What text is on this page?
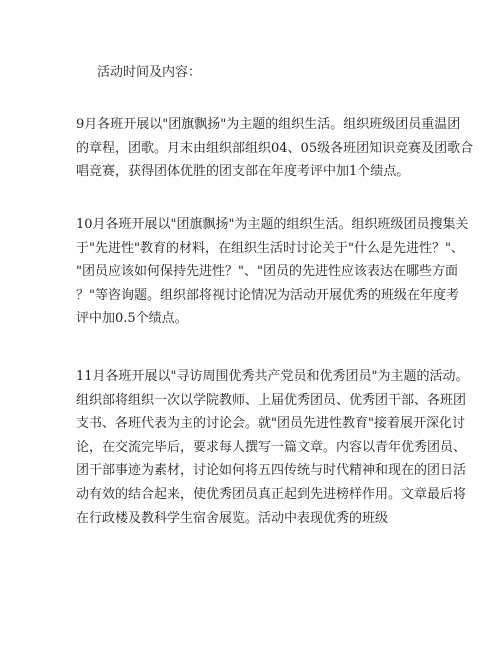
活动时间及内容：

9月各班开展以"团旗飘扬"为主题的组织生活。组织班级团员重温团
的章程，团歌。月末由组织部组织04、05级各班团知识竞赛及团歌合
唱竞赛，获得团体优胜的团支部在年度考评中加1个绩点。

10月各班开展以"团旗飘扬"为主题的组织生活。组织班级团员搜集关
于"先进性"教育的材料，在组织生活时讨论关于"什么是先进性？"、
"团员应该如何保持先进性？"、"团员的先进性应该表达在哪些方面
？"等咨询题。组织部将视讨论情况为活动开展优秀的班级在年度考
评中加0.5个绩点。

11月各班开展以"寻访周围优秀共产党员和优秀团员"为主题的活动。
组织部将组织一次以学院教师、上届优秀团员、优秀团干部、各班团
支书、各班代表为主的讨论会。就"团员先进性教育"接着展开深化讨
论，在交流完毕后，要求每人撰写一篇文章。内容以青年优秀团员、
团干部事迹为素材，讨论如何将五四传统与时代精神和现在的团日活
动有效的结合起来，使优秀团员真正起到先进榜样作用。文章最后将
在行政楼及教科学生宿舍展览。活动中表现优秀的班级
